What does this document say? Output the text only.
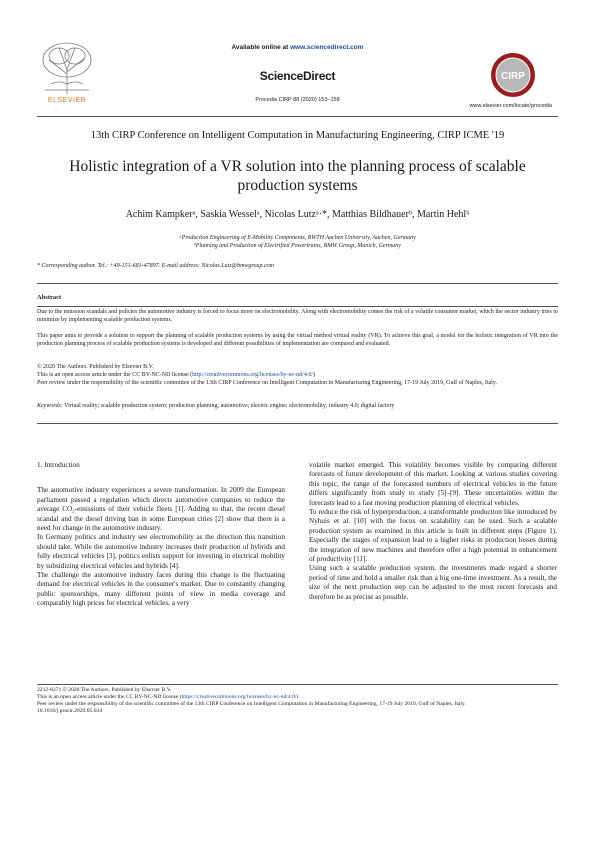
ELSEVIER
Available online at www.sciencedirect.com
ScienceDirect
Procedia CIRP 88 (2020) 153–158
CIRP
www.elsevier.com/locate/procedia
13th CIRP Conference on Intelligent Computation in Manufacturing Engineering, CIRP ICME '19
Holistic integration of a VR solution into the planning process of scalable production systems
Achim Kampkerᵃ, Saskia Wesselᵃ, Nicolas Lutzᵃ·*, Matthias Bildhauerᵇ, Martin Hehlᵇ
ᵃProduction Engineering of E-Mobility Components, RWTH Aachen University, Aachen, Germany
ᵇPlanning and Production of Electrified Powertrains, BMW Group, Munich, Germany
* Corresponding author. Tel.: +49-151-681-47897. E-mail address: Nicolas.Lutz@bmwgroup.com
Abstract
Due to the emission scandals and policies the automotive industry is forced to focus more on electromobility. Along with electromobility comes the risk of a volatile consumer market, which the sector industry tries to minimize by implementing scalable production systems.
This paper aims to provide a solution to support the planning of scalable production systems by using the virtual method virtual reality (VR). To achieve this goal, a model for the holistic integration of VR into the production planning process of scalable production systems is developed and different possibilities of implementation are compared and evaluated.
© 2020 The Authors. Published by Elsevier B.V.
This is an open access article under the CC BY-NC-ND license (http://creativecommons.org/licenses/by-nc-nd/4.0/)
Peer review under the responsibility of the scientific committee of the 13th CIRP Conference on Intelligent Computation in Manufacturing Engineering, 17-19 July 2019, Gulf of Naples, Italy.
Keywords: Virtual reality; scalable production system; production planning; automotive; electric engine; electromobility; industry 4.0; digital factory

1. Introduction

The automotive industry experiences a severe transformation. In 2009 the European parliament passed a regulation which directs automotive companies to reduce the average CO₂-emissions of their vehicle fleets [1]. Adding to that, the recent diesel scandal and the diesel driving ban in some European cities [2] show that there is a need for change in the automotive industry.

In Germany politics and industry see electromobility as the direction this transition should take. While the automotive industry increases their production of hybrids and fully electrical vehicles [3], politics enlists support for investing in electrical mobility by subsidizing electrical vehicles and hybrids [4].

The challenge the automotive industry faces during this change is the fluctuating demand for electrical vehicles in the consumer's market. Due to constantly changing public sponsorships, many different points of view in media coverage and comparably high prices for electrical vehicles, a very

volatile market emerged. This volatility becomes visible by comparing different forecasts of future development of this market. Looking at various studies covering this topic, the range of the forecasted numbers of electrical vehicles in the future differs significantly from study to study [5]–[9]. These uncertainties within the forecasts lead to a fast moving production planning of electrical vehicles.

To reduce the risk of hyperproduction, a transformable production like introduced by Nyhuis et al. [10] with the focus on scalability can be used. Such a scalable production system as examined in this article is built in different steps (Figure 1). Especially the stages of expansion lead to a higher risks in production losses during the integration of new machines and therefore offer a high potential in enhancement of productivity [11].

Using such a scalable production system, the investments made regard a shorter period of time and hold a smaller risk than a big one-time investment. As a result, the size of the next production step can be adjusted to the most recent forecasts and therefore be as precise as possible.

2212-8271 © 2020 The Authors. Published by Elsevier B.V.
This is an open access article under the CC BY-NC-ND license (https://creativecommons.org/licenses/by-nc-nd/4.0/)
Peer review under the responsibility of the scientific committee of the 13th CIRP Conference on Intelligent Computation in Manufacturing Engineering, 17-19 July 2019, Gulf of Naples, Italy.
10.1016/j.procir.2020.05.034
